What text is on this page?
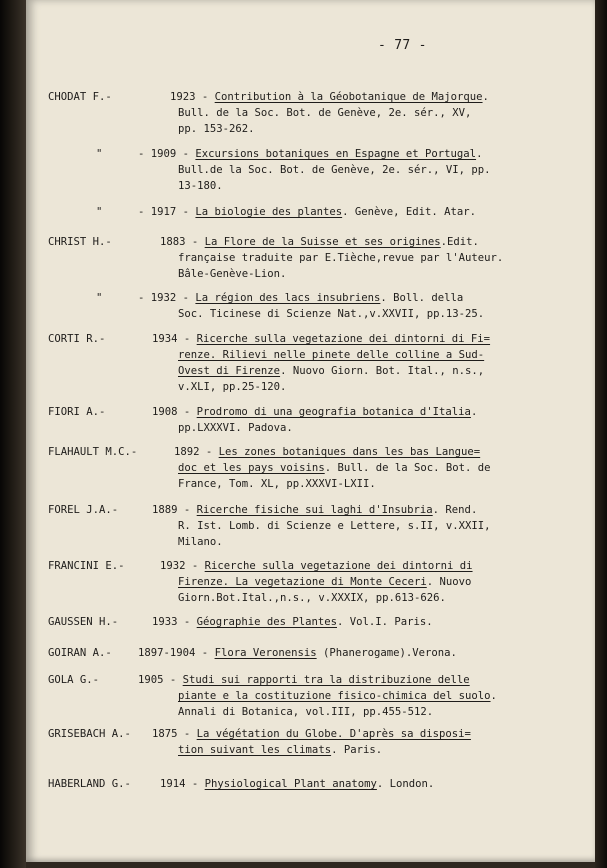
- 77 -
CHODAT F.-	1923 - Contribution à la Géobotanique de Majorque.
Bull. de la Soc. Bot. de Genève, 2e. sér., XV,
pp. 153-262.
"	- 1909 - Excursions botaniques en Espagne et Portugal.
Bull.de la Soc. Bot. de Genève, 2e. sér., VI, pp.
13-180.
"	- 1917 - La biologie des plantes. Genève, Edit. Atar.
CHRIST H.-	1883 - La Flore de la Suisse et ses origines.Edit.
française traduite par E.Tièche,revue par l'Auteur.
Bâle-Genève-Lion.
"	- 1932 - La région des lacs insubriens. Boll. della
Soc. Ticinese di Scienze Nat.,v.XXVII, pp.13-25.
CORTI R.-	1934 - Ricerche sulla vegetazione dei dintorni di Fi=
renze. Rilievi nelle pinete delle colline a Sud-
Ovest di Firenze. Nuovo Giorn. Bot. Ital., n.s.,
v.XLI, pp.25-120.
FIORI A.-	1908 - Prodromo di una geografia botanica d'Italia.
pp.LXXXVI. Padova.
FLAHAULT M.C.-	1892 - Les zones botaniques dans les bas Langue=
doc et les pays voisins. Bull. de la Soc. Bot. de
France, Tom. XL, pp.XXXVI-LXII.
FOREL J.A.-	1889 - Ricerche fisiche sui laghi d'Insubria. Rend.
R. Ist. Lomb. di Scienze e Lettere, s.II, v.XXII,
Milano.
FRANCINI E.-	1932 - Ricerche sulla vegetazione dei dintorni di
Firenze. La vegetazione di Monte Ceceri. Nuovo
Giorn.Bot.Ital.,n.s., v.XXXIX, pp.613-626.
GAUSSEN H.-	1933 - Géographie des Plantes. Vol.I. Paris.
GOIRAN A.- 1897-1904 - Flora Veronensis (Phanerogame).Verona.
GOLA G.-	1905 - Studi sui rapporti tra la distribuzione delle
piante e la costituzione fisico-chimica del suolo.
Annali di Botanica, vol.III, pp.455-512.
GRISEBACH A.- 1875 - La végétation du Globe. D'après sa disposi=
tion suivant les climats. Paris.
HABERLAND G.-	1914 - Physiological Plant anatomy. London.
